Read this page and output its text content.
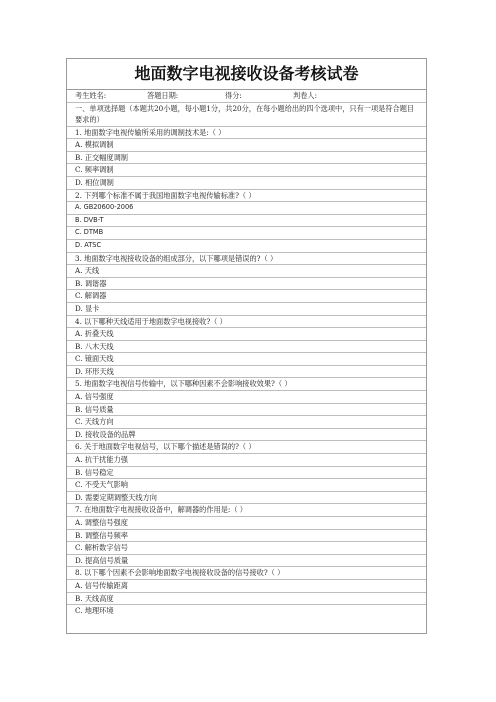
地面数字电视接收设备考核试卷
考生姓名:	答题日期:	得分:	判卷人:
一、单项选择题（本题共20小题，每小题1分，共20分，在每小题给出的四个选项中，只有一项是符合题目要求的）
1. 地面数字电视传输所采用的调制技术是:（ ）
A. 模拟调制
B. 正交幅度调制
C. 频率调制
D. 相位调制
2. 下列哪个标准不属于我国地面数字电视传输标准?（ ）
A. GB20600-2006
B. DVB-T
C. DTMB
D. ATSC
3. 地面数字电视接收设备的组成部分，以下哪项是错误的?（ ）
A. 天线
B. 调谐器
C. 解调器
D. 显卡
4. 以下哪种天线适用于地面数字电视接收?（ ）
A. 折叠天线
B. 八木天线
C. 镜面天线
D. 环形天线
5. 地面数字电视信号传输中，以下哪种因素不会影响接收效果?（ ）
A. 信号强度
B. 信号质量
C. 天线方向
D. 接收设备的品牌
6. 关于地面数字电视信号，以下哪个描述是错误的?（ ）
A. 抗干扰能力强
B. 信号稳定
C. 不受天气影响
D. 需要定期调整天线方向
7. 在地面数字电视接收设备中，解调器的作用是:（ ）
A. 调整信号强度
B. 调整信号频率
C. 解析数字信号
D. 提高信号质量
8. 以下哪个因素不会影响地面数字电视接收设备的信号接收?（ ）
A. 信号传输距离
B. 天线高度
C. 地理环境
